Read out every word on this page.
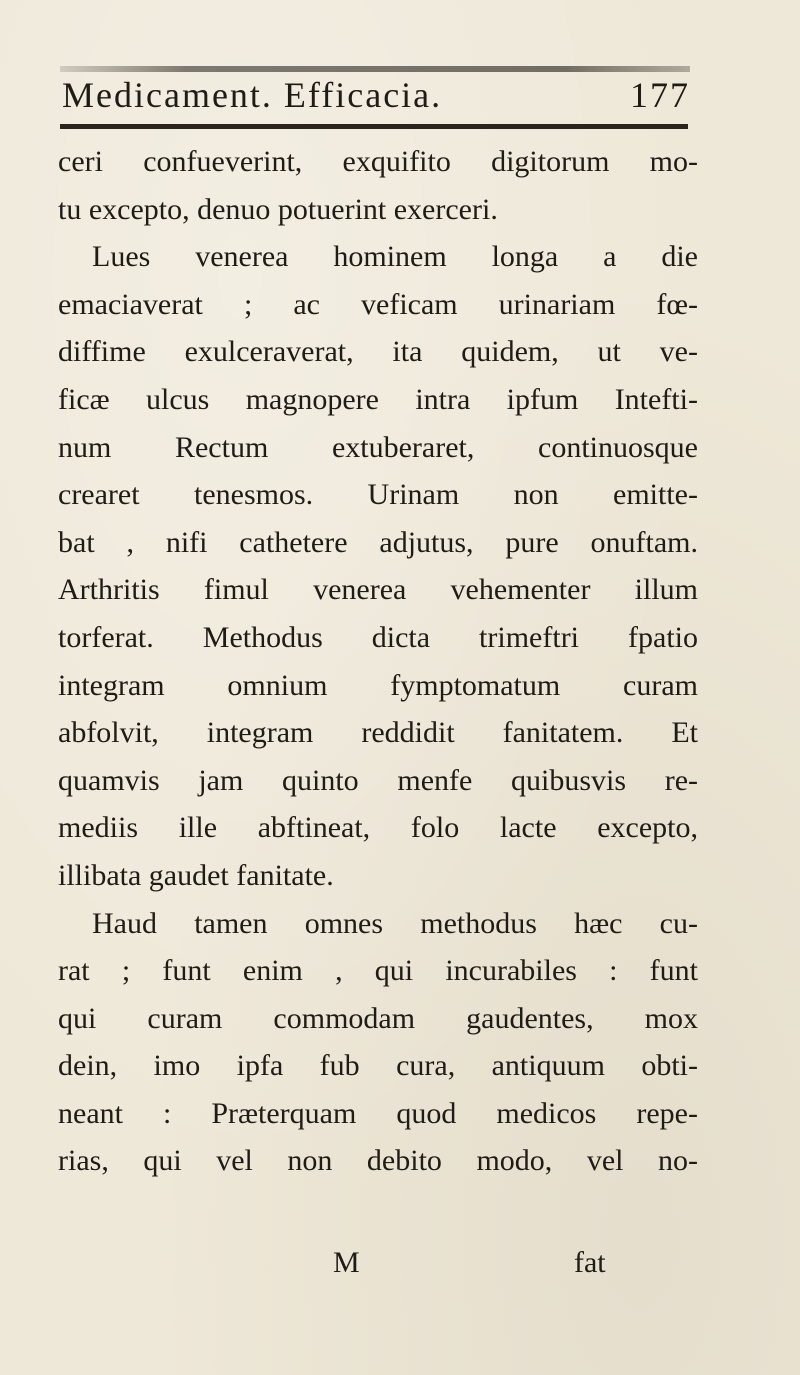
Medicament. Efficacia.	177
ceri confueverint, exquifito digitorum mo-
tu excepto, denuo potuerint exerceri.
Lues venerea hominem longa a die
emaciaverat ; ac veficam urinariam fœ-
diffime exulceraverat, ita quidem, ut ve-
ficæ ulcus magnopere intra ipfum Intefti-
num Rectum extuberaret, continuosque
crearet tenesmos. Urinam non emitte-
bat , nifi cathetere adjutus, pure onuftam.
Arthritis fimul venerea vehementer illum
torferat. Methodus dicta trimeftri fpatio
integram omnium fymptomatum curam
abfolvit, integram reddidit fanitatem. Et
quamvis jam quinto menfe quibusvis re-
mediis ille abftineat, folo lacte excepto,
illibata gaudet fanitate.
Haud tamen omnes methodus hæc cu-
rat ; funt enim , qui incurabiles : funt
qui curam commodam gaudentes, mox
dein, imo ipfa fub cura, antiquum obti-
neant : Præterquam quod medicos repe-
rias, qui vel non debito modo, vel no-
M	fat
